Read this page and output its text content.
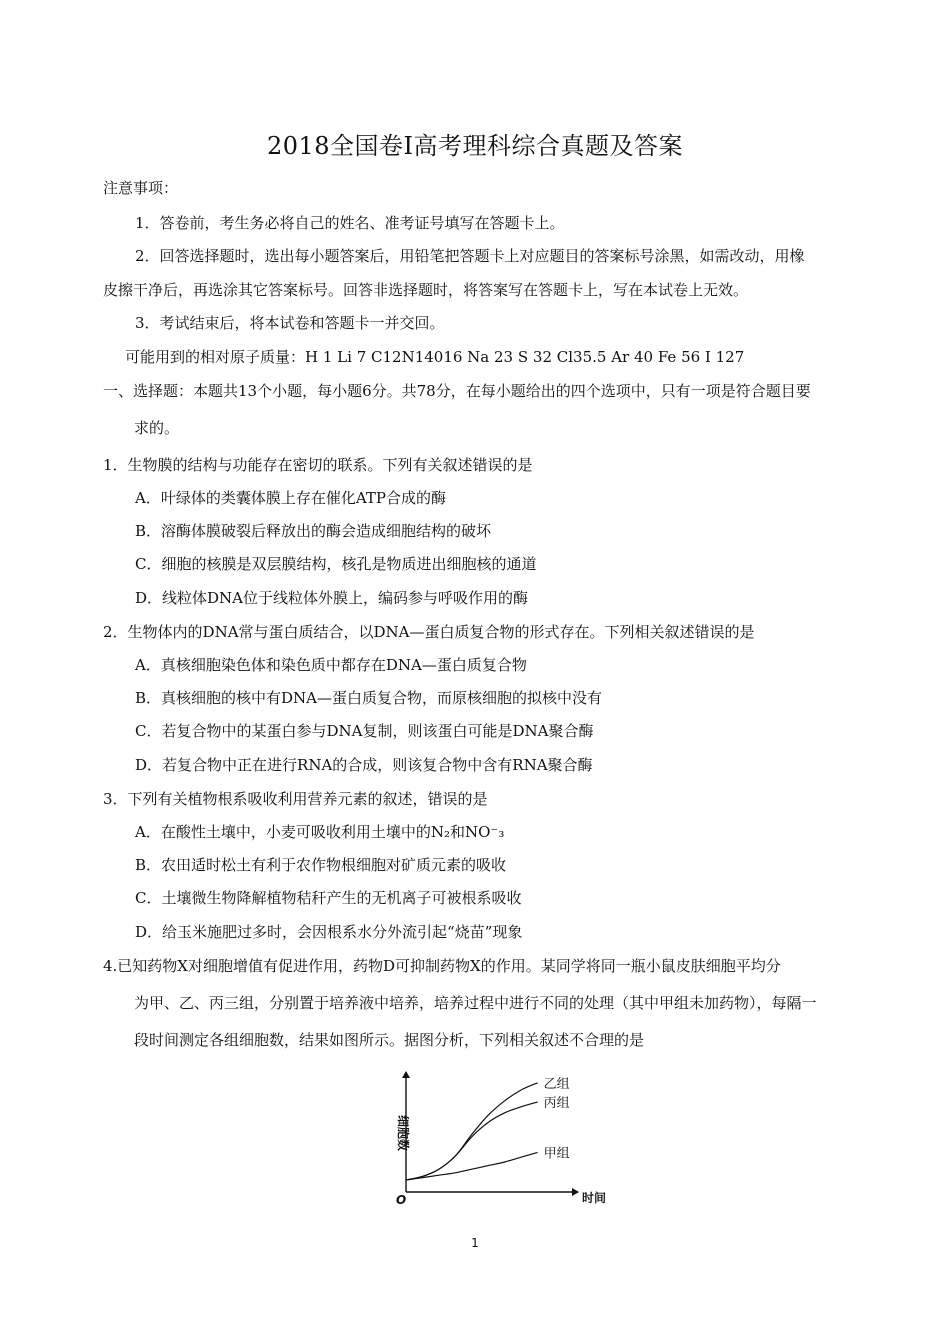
2018全国卷Ⅰ高考理科综合真题及答案
注意事项：
1．答卷前，考生务必将自己的姓名、准考证号填写在答题卡上。
2．回答选择题时，选出每小题答案后，用铅笔把答题卡上对应题目的答案标号涂黑，如需改动，用橡
皮擦干净后，再选涂其它答案标号。回答非选择题时，将答案写在答题卡上，写在本试卷上无效。
3．考试结束后，将本试卷和答题卡一并交回。
可能用到的相对原子质量：H 1 Li 7 C12N14016 Na 23 S 32 Cl35.5 Ar 40 Fe 56 I 127
一、选择题：本题共13个小题，每小题6分。共78分，在每小题给出的四个选项中，只有一项是符合题目要
求的。
1．生物膜的结构与功能存在密切的联系。下列有关叙述错误的是
A．叶绿体的类囊体膜上存在催化ATP合成的酶
B．溶酶体膜破裂后释放出的酶会造成细胞结构的破坏
C．细胞的核膜是双层膜结构，核孔是物质进出细胞核的通道
D．线粒体DNA位于线粒体外膜上，编码参与呼吸作用的酶
2．生物体内的DNA常与蛋白质结合，以DNA—蛋白质复合物的形式存在。下列相关叙述错误的是
A．真核细胞染色体和染色质中都存在DNA—蛋白质复合物
B．真核细胞的核中有DNA—蛋白质复合物，而原核细胞的拟核中没有
C．若复合物中的某蛋白参与DNA复制，则该蛋白可能是DNA聚合酶
D．若复合物中正在进行RNA的合成，则该复合物中含有RNA聚合酶
3．下列有关植物根系吸收利用营养元素的叙述，错误的是
A．在酸性土壤中，小麦可吸收利用土壤中的N₂和NO⁻₃
B．农田适时松土有利于农作物根细胞对矿质元素的吸收
C．土壤微生物降解植物秸秆产生的无机离子可被根系吸收
D．给玉米施肥过多时，会因根系水分外流引起“烧苗”现象
4.已知药物X对细胞增值有促进作用，药物D可抑制药物X的作用。某同学将同一瓶小鼠皮肤细胞平均分
为甲、乙、丙三组，分别置于培养液中培养，培养过程中进行不同的处理（其中甲组未加药物），每隔一
段时间测定各组细胞数，结果如图所示。据图分析，下列相关叙述不合理的是
O	时间
细胞数
乙组
丙组
甲组
1
